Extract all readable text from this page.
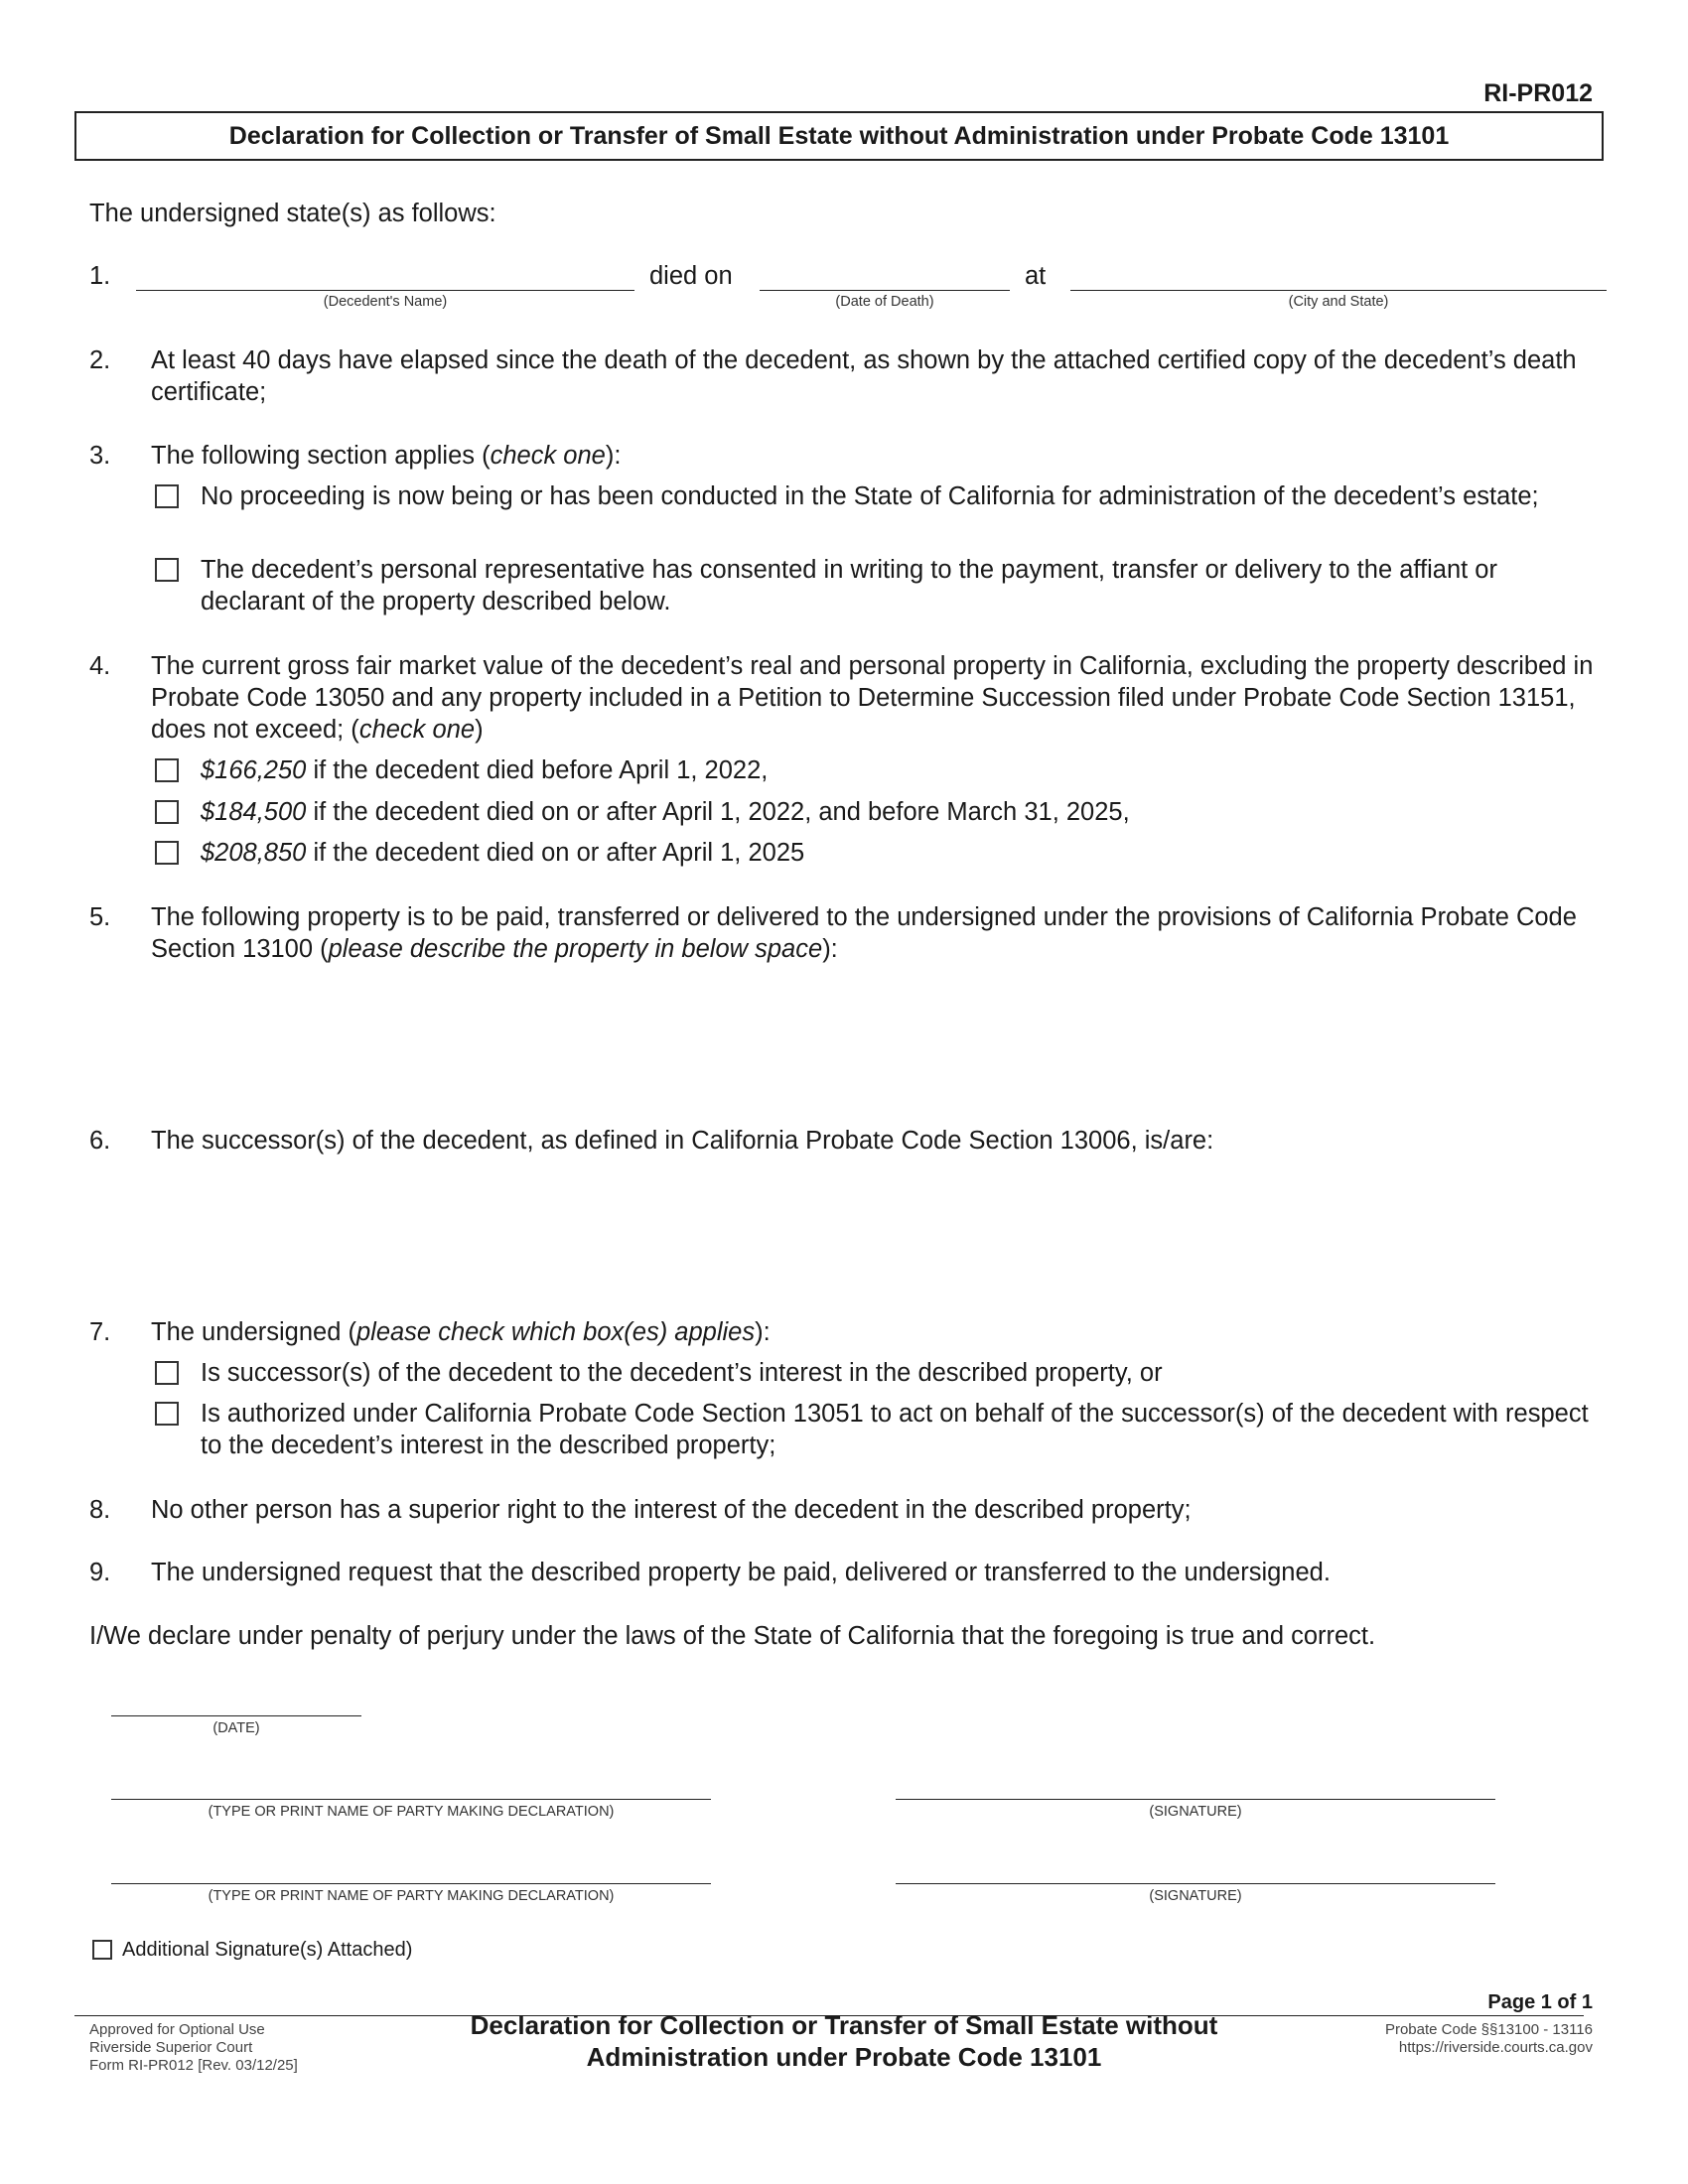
RI-PR012
Declaration for Collection or Transfer of Small Estate without Administration under Probate Code 13101
The undersigned state(s) as follows:
1.	died on	at
(Decedent's Name)	(Date of Death)	(City and State)
2. At least 40 days have elapsed since the death of the decedent, as shown by the attached certified copy of the decedent’s death certificate;
3. The following section applies (check one):
No proceeding is now being or has been conducted in the State of California for administration of the decedent’s estate;
The decedent’s personal representative has consented in writing to the payment, transfer or delivery to the affiant or declarant of the property described below.
4. The current gross fair market value of the decedent’s real and personal property in California, excluding the property described in Probate Code 13050 and any property included in a Petition to Determine Succession filed under Probate Code Section 13151, does not exceed; (check one)
$166,250 if the decedent died before April 1, 2022,
$184,500 if the decedent died on or after April 1, 2022, and before March 31, 2025,
$208,850 if the decedent died on or after April 1, 2025
5. The following property is to be paid, transferred or delivered to the undersigned under the provisions of California Probate Code Section 13100 (please describe the property in below space):
6. The successor(s) of the decedent, as defined in California Probate Code Section 13006, is/are:
7. The undersigned (please check which box(es) applies):
Is successor(s) of the decedent to the decedent’s interest in the described property, or
Is authorized under California Probate Code Section 13051 to act on behalf of the successor(s) of the decedent with respect to the decedent’s interest in the described property;
8. No other person has a superior right to the interest of the decedent in the described property;
9. The undersigned request that the described property be paid, delivered or transferred to the undersigned.
I/We declare under penalty of perjury under the laws of the State of California that the foregoing is true and correct.
(DATE)
(TYPE OR PRINT NAME OF PARTY MAKING DECLARATION)	(SIGNATURE)
(TYPE OR PRINT NAME OF PARTY MAKING DECLARATION)	(SIGNATURE)
Additional Signature(s) Attached)
Page 1 of 1
Approved for Optional Use
Riverside Superior Court
Form RI-PR012 [Rev. 03/12/25]
Declaration for Collection or Transfer of Small Estate without
Administration under Probate Code 13101
Probate Code §§13100 - 13116
https://riverside.courts.ca.gov
